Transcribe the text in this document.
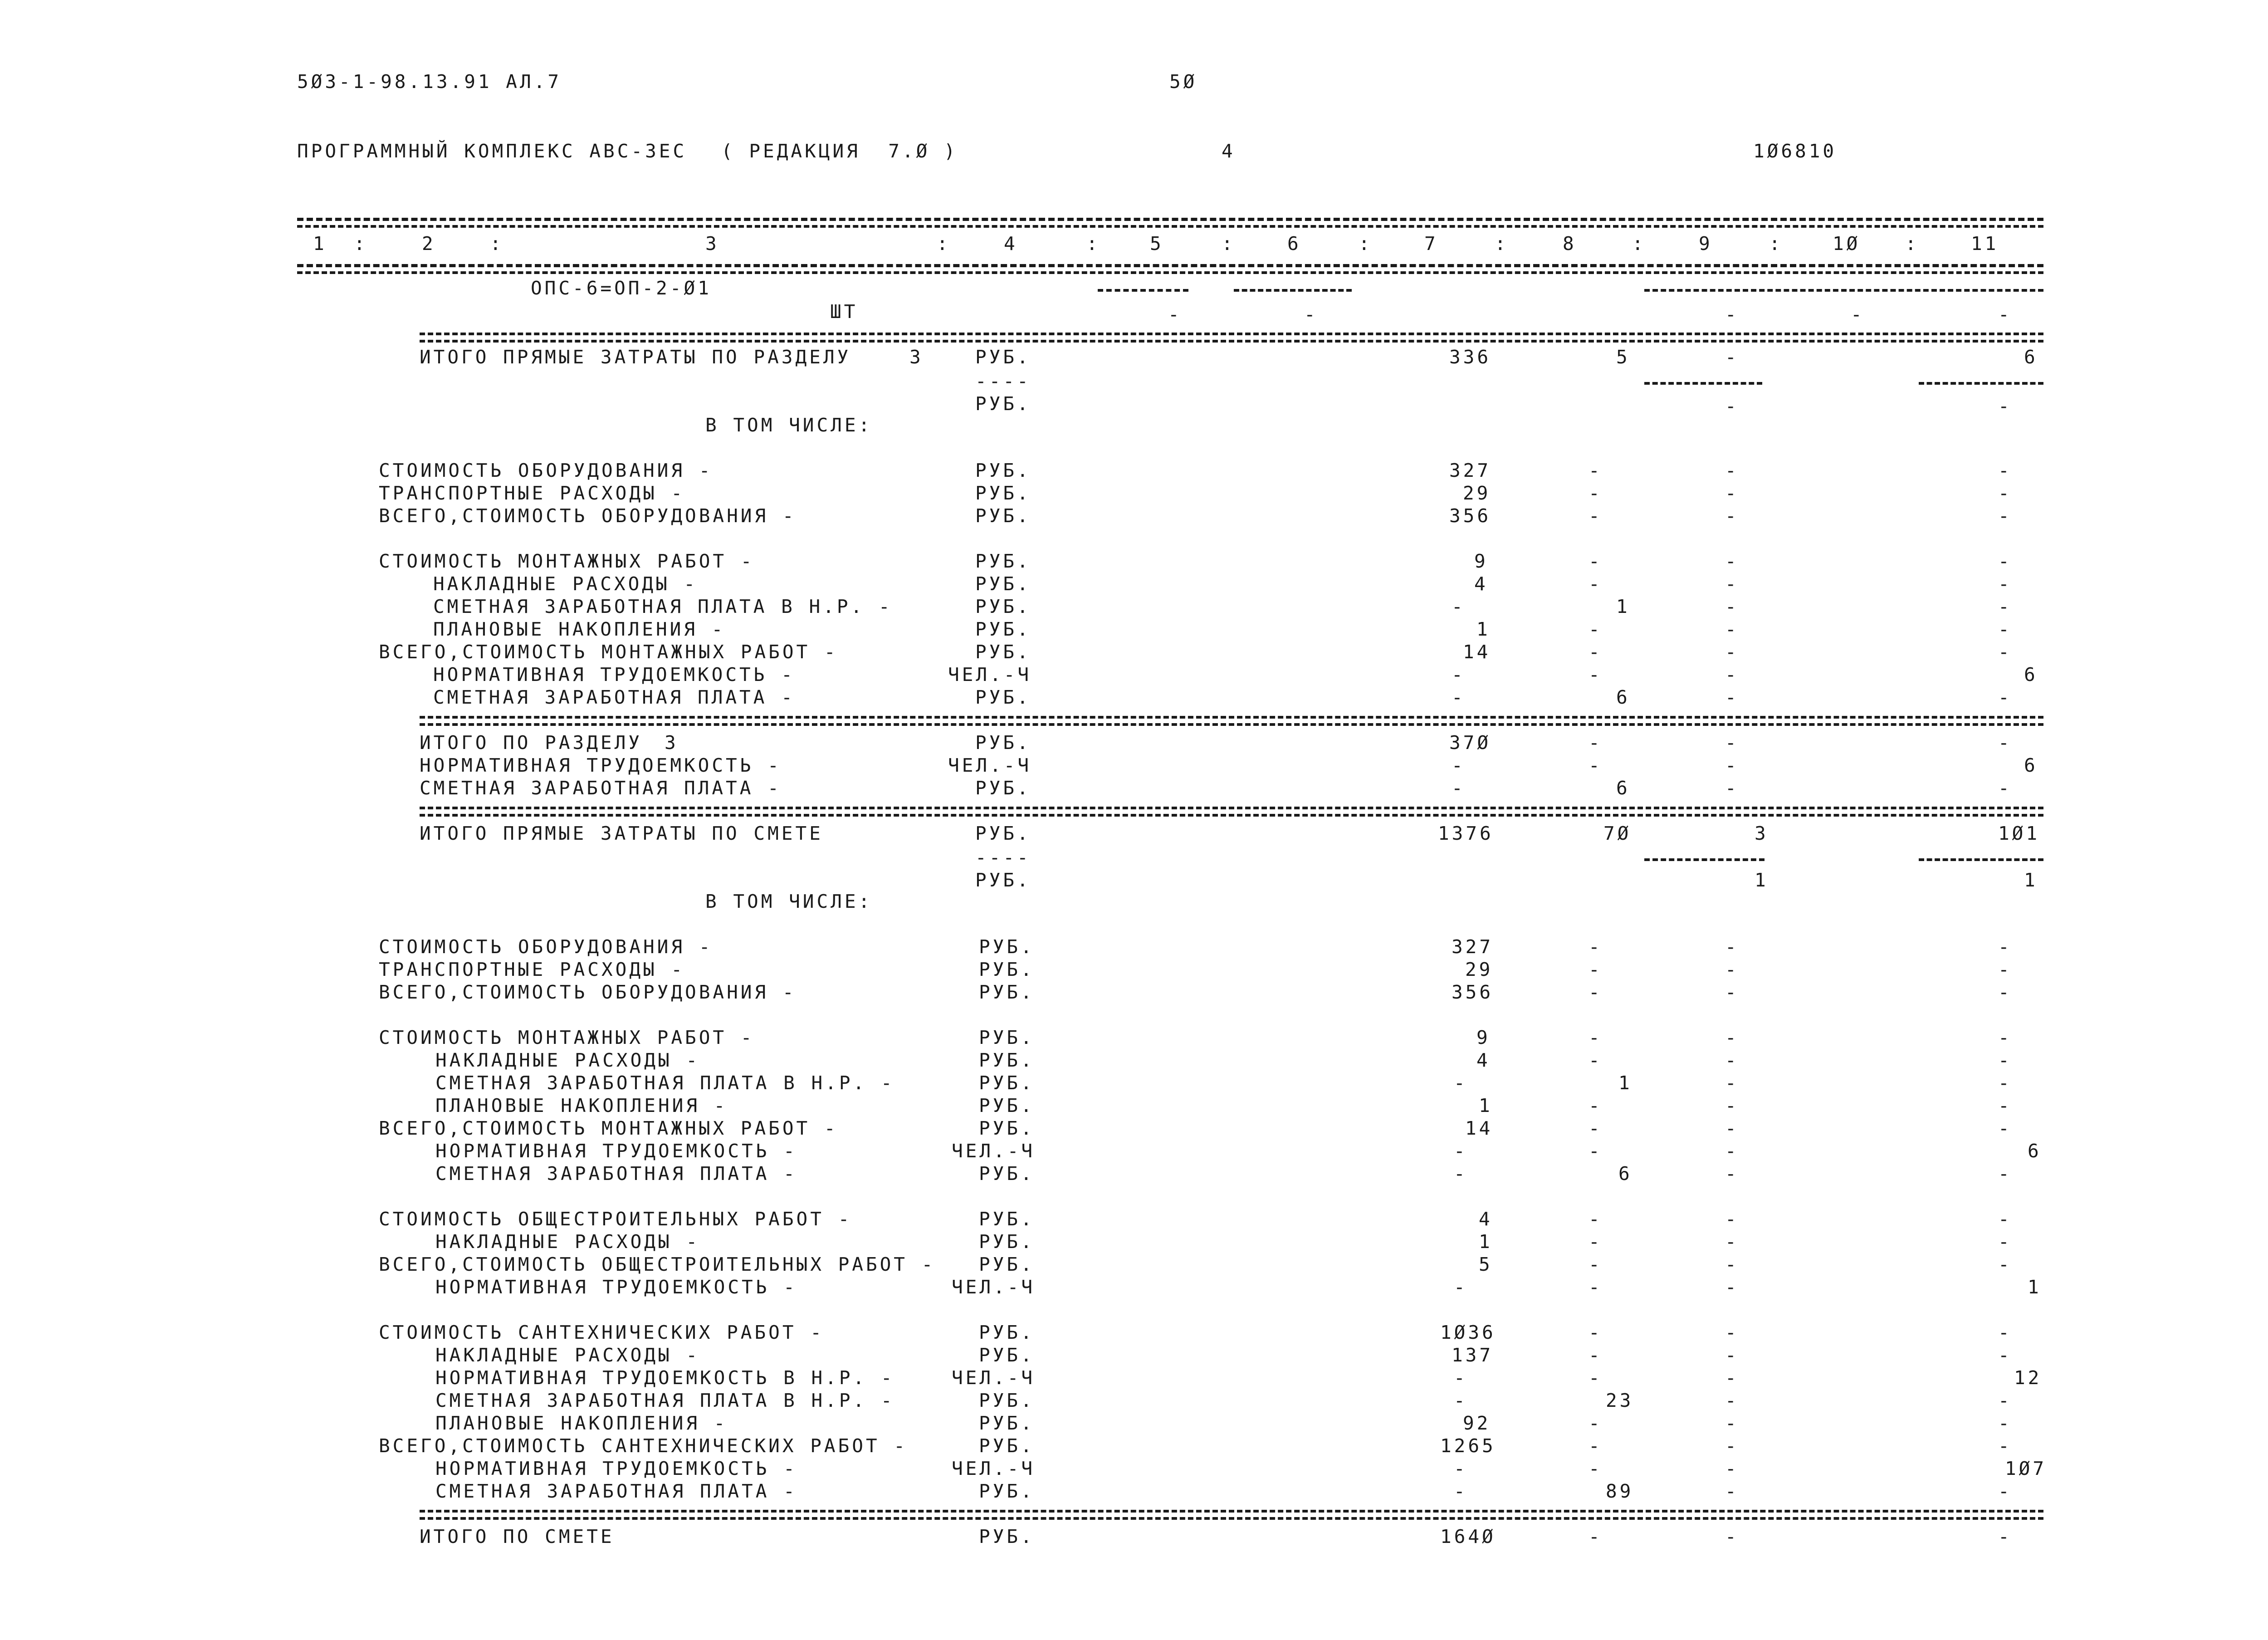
5Ø3-1-98.13.91 АЛ.7	5Ø
ПРОГРАММНЫЙ КОМПЛЕКС АВС-3ЕС ( РЕДАКЦИЯ  7.Ø )	4	1Ø6810
1 :	2	:	3	:	4	:	5	:	6	:	7	:	8	:	9	:	1Ø :	11
ОПС-6=ОП-2-Ø1
ШТ	-	-	-	-	-
ИТОГО ПРЯМЫЕ ЗАТРАТЫ ПО РАЗДЕЛУ	3	РУБ.	336	5	-	6
----
РУБ.	-	-
В ТОМ ЧИСЛЕ:
СТОИМОСТЬ ОБОРУДОВАНИЯ -	РУБ.	327	-	-	-
ТРАНСПОРТНЫЕ РАСХОДЫ -	РУБ.	29	-	-	-
ВСЕГО,СТОИМОСТЬ ОБОРУДОВАНИЯ -	РУБ.	356	-	-	-
СТОИМОСТЬ МОНТАЖНЫХ РАБОТ -	РУБ.	9	-	-	-
НАКЛАДНЫЕ РАСХОДЫ -	РУБ.	4	-	-	-
СМЕТНАЯ ЗАРАБОТНАЯ ПЛАТА В Н.Р. -	РУБ.	-	1	-	-
ПЛАНОВЫЕ НАКОПЛЕНИЯ -	РУБ.	1	-	-	-
ВСЕГО,СТОИМОСТЬ МОНТАЖНЫХ РАБОТ -	РУБ.	14	-	-	-
НОРМАТИВНАЯ ТРУДОЕМКОСТЬ -	ЧЕЛ.-Ч	-	-	-	6
СМЕТНАЯ ЗАРАБОТНАЯ ПЛАТА -	РУБ.	-	6	-	-
ИТОГО ПО РАЗДЕЛУ 3	РУБ.	37Ø	-	-	-
НОРМАТИВНАЯ ТРУДОЕМКОСТЬ -	ЧЕЛ.-Ч	-	-	-	6
СМЕТНАЯ ЗАРАБОТНАЯ ПЛАТА -	РУБ.	-	6	-	-
ИТОГО ПРЯМЫЕ ЗАТРАТЫ ПО СМЕТЕ	РУБ.	1376	7Ø	3	1Ø1
----
РУБ.	1	1
В ТОМ ЧИСЛЕ:
СТОИМОСТЬ ОБОРУДОВАНИЯ -	РУБ.	327	-	-	-
ТРАНСПОРТНЫЕ РАСХОДЫ -	РУБ.	29	-	-	-
ВСЕГО,СТОИМОСТЬ ОБОРУДОВАНИЯ -	РУБ.	356	-	-	-
СТОИМОСТЬ МОНТАЖНЫХ РАБОТ -	РУБ.	9	-	-	-
НАКЛАДНЫЕ РАСХОДЫ -	РУБ.	4	-	-	-
СМЕТНАЯ ЗАРАБОТНАЯ ПЛАТА В Н.Р. -	РУБ.	-	1	-	-
ПЛАНОВЫЕ НАКОПЛЕНИЯ -	РУБ.	1	-	-	-
ВСЕГО,СТОИМОСТЬ МОНТАЖНЫХ РАБОТ -	РУБ.	14	-	-	-
НОРМАТИВНАЯ ТРУДОЕМКОСТЬ -	ЧЕЛ.-Ч	-	-	-	6
СМЕТНАЯ ЗАРАБОТНАЯ ПЛАТА -	РУБ.	-	6	-	-
СТОИМОСТЬ ОБЩЕСТРОИТЕЛЬНЫХ РАБОТ -	РУБ.	4	-	-	-
НАКЛАДНЫЕ РАСХОДЫ -	РУБ.	1	-	-	-
ВСЕГО,СТОИМОСТЬ ОБЩЕСТРОИТЕЛЬНЫХ РАБОТ - РУБ.	5	-	-	-
НОРМАТИВНАЯ ТРУДОЕМКОСТЬ -	ЧЕЛ.-Ч	-	-	-	1
СТОИМОСТЬ САНТЕХНИЧЕСКИХ РАБОТ -	РУБ.	1Ø36	-	-	-
НАКЛАДНЫЕ РАСХОДЫ -	РУБ.	137	-	-	-
НОРМАТИВНАЯ ТРУДОЕМКОСТЬ В Н.Р. -	ЧЕЛ.-Ч	-	-	-	12
СМЕТНАЯ ЗАРАБОТНАЯ ПЛАТА В Н.Р. -	РУБ.	-	23	-	-
ПЛАНОВЫЕ НАКОПЛЕНИЯ -	РУБ.	92	-	-	-
ВСЕГО,СТОИМОСТЬ САНТЕХНИЧЕСКИХ РАБОТ -	РУБ.	1265	-	-	-
НОРМАТИВНАЯ ТРУДОЕМКОСТЬ -	ЧЕЛ.-Ч	-	-	-	1Ø7
СМЕТНАЯ ЗАРАБОТНАЯ ПЛАТА -	РУБ.	-	89	-	-
ИТОГО ПО СМЕТЕ	РУБ.	164Ø	-	-	-
